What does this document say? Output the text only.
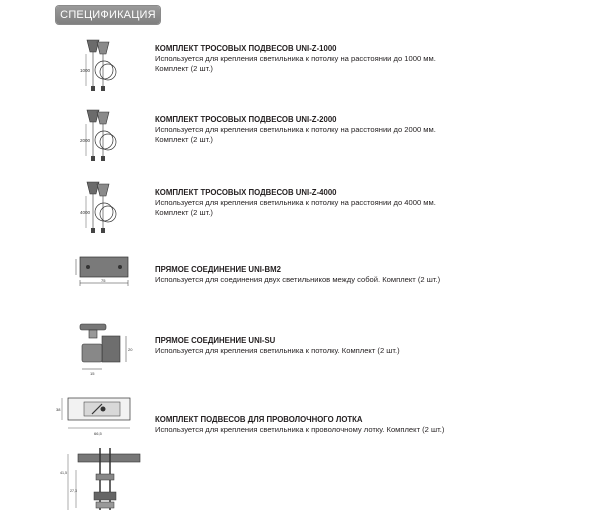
СПЕЦИФИКАЦИЯ
1000
КОМПЛЕКТ ТРОСОВЫХ ПОДВЕСОВ UNI-Z-1000
Используется для крепления светильника к потолку на расстоянии до 1000 мм.
Комплект (2 шт.)
2000
КОМПЛЕКТ ТРОСОВЫХ ПОДВЕСОВ UNI-Z-2000
Используется для крепления светильника к потолку на расстоянии до 2000 мм.
Комплект (2 шт.)
4000
КОМПЛЕКТ ТРОСОВЫХ ПОДВЕСОВ UNI-Z-4000
Используется для крепления светильника к потолку на расстоянии до 4000 мм.
Комплект (2 шт.)
75
ПРЯМОЕ СОЕДИНЕНИЕ UNI-BM2
Используется для соединения двух светильников между собой. Комплект (2 шт.)
20
15
ПРЯМОЕ СОЕДИНЕНИЕ UNI-SU
Используется для крепления светильника к потолку. Комплект (2 шт.)
38
66,5
41,5
27,3
КОМПЛЕКТ ПОДВЕСОВ ДЛЯ ПРОВОЛОЧНОГО ЛОТКА
Используется для крепления светильника к проволочному лотку. Комплект (2 шт.)
